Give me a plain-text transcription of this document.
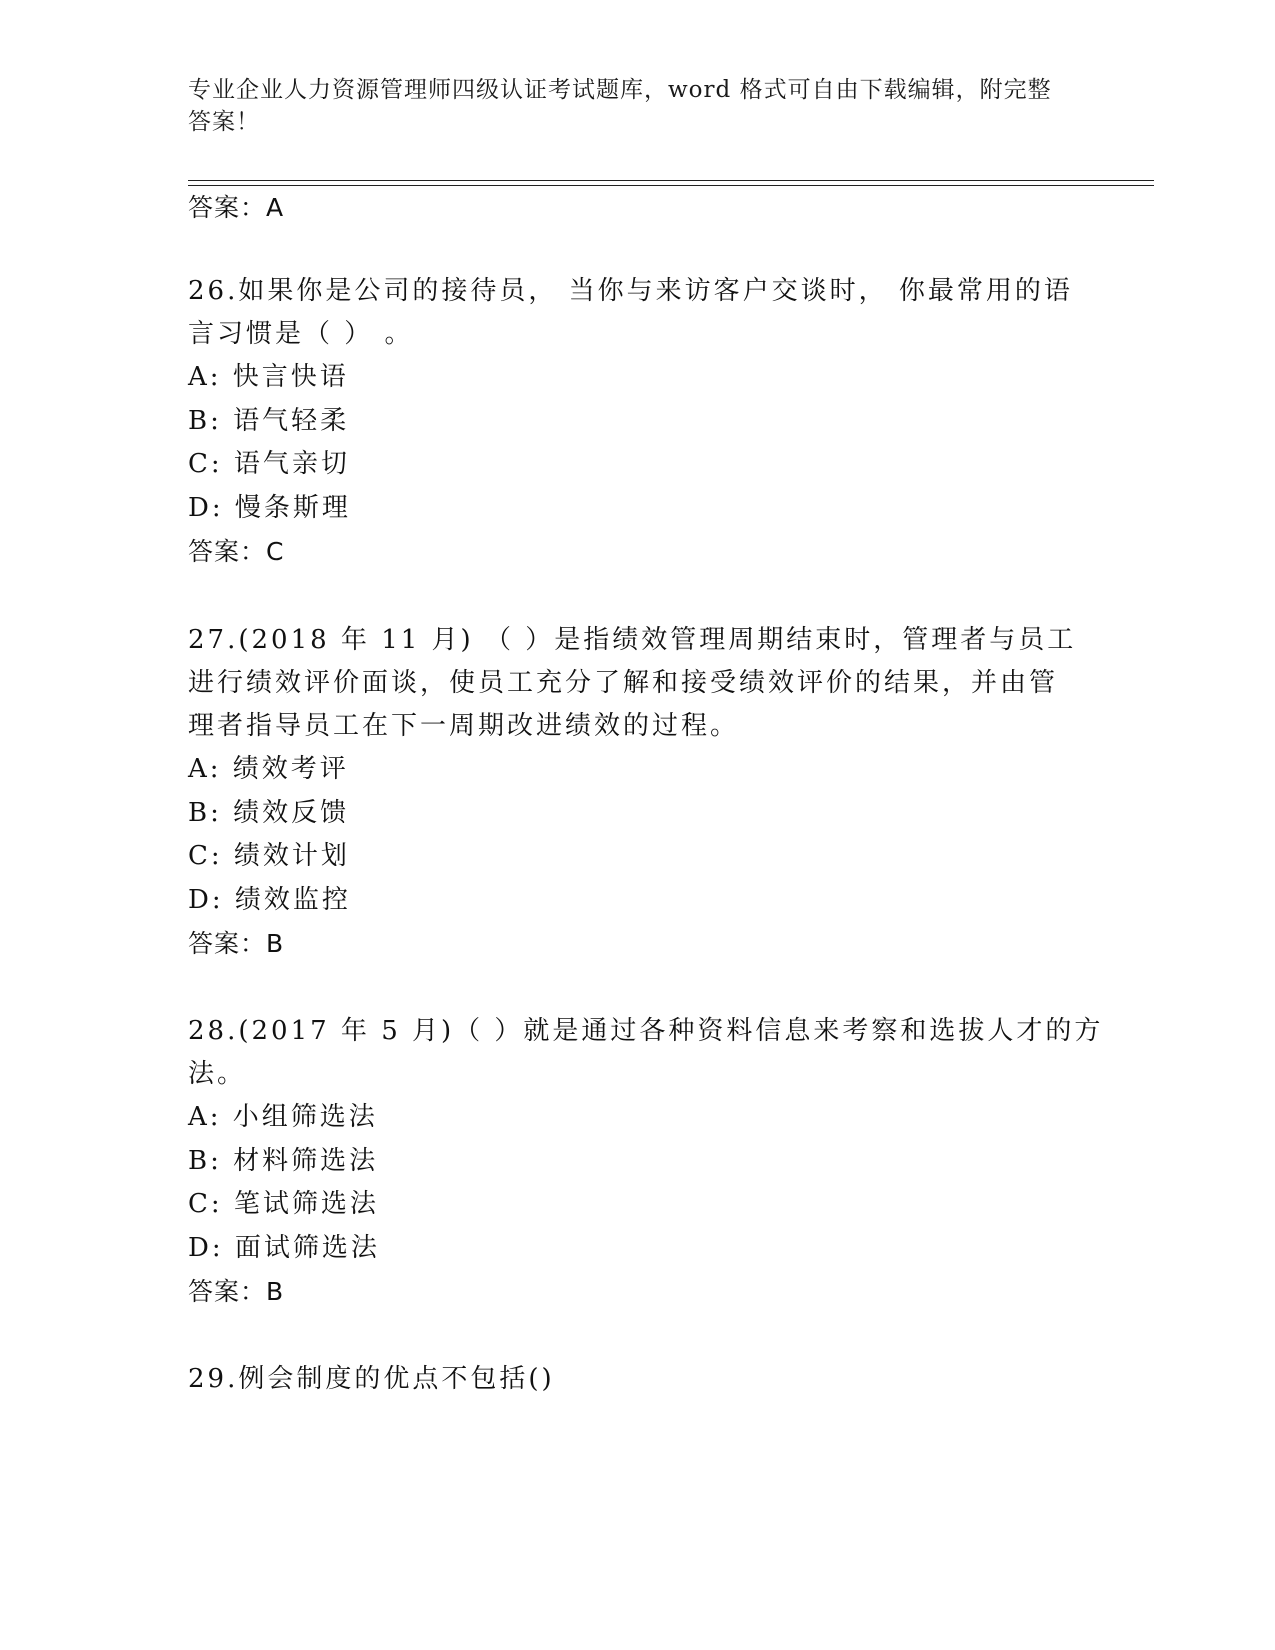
专业企业人力资源管理师四级认证考试题库，word 格式可自由下载编辑，附完整答案！
答案：A
26.如果你是公司的接待员， 当你与来访客户交谈时， 你最常用的语
言习惯是（ ） 。
A: 快言快语
B: 语气轻柔
C: 语气亲切
D: 慢条斯理
答案：C
27.(2018 年 11 月) （ ）是指绩效管理周期结束时，管理者与员工
进行绩效评价面谈，使员工充分了解和接受绩效评价的结果，并由管
理者指导员工在下一周期改进绩效的过程。
A: 绩效考评
B: 绩效反馈
C: 绩效计划
D: 绩效监控
答案：B
28.(2017 年 5 月)（ ）就是通过各种资料信息来考察和选拔人才的方
法。
A: 小组筛选法
B: 材料筛选法
C: 笔试筛选法
D: 面试筛选法
答案：B
29.例会制度的优点不包括()
